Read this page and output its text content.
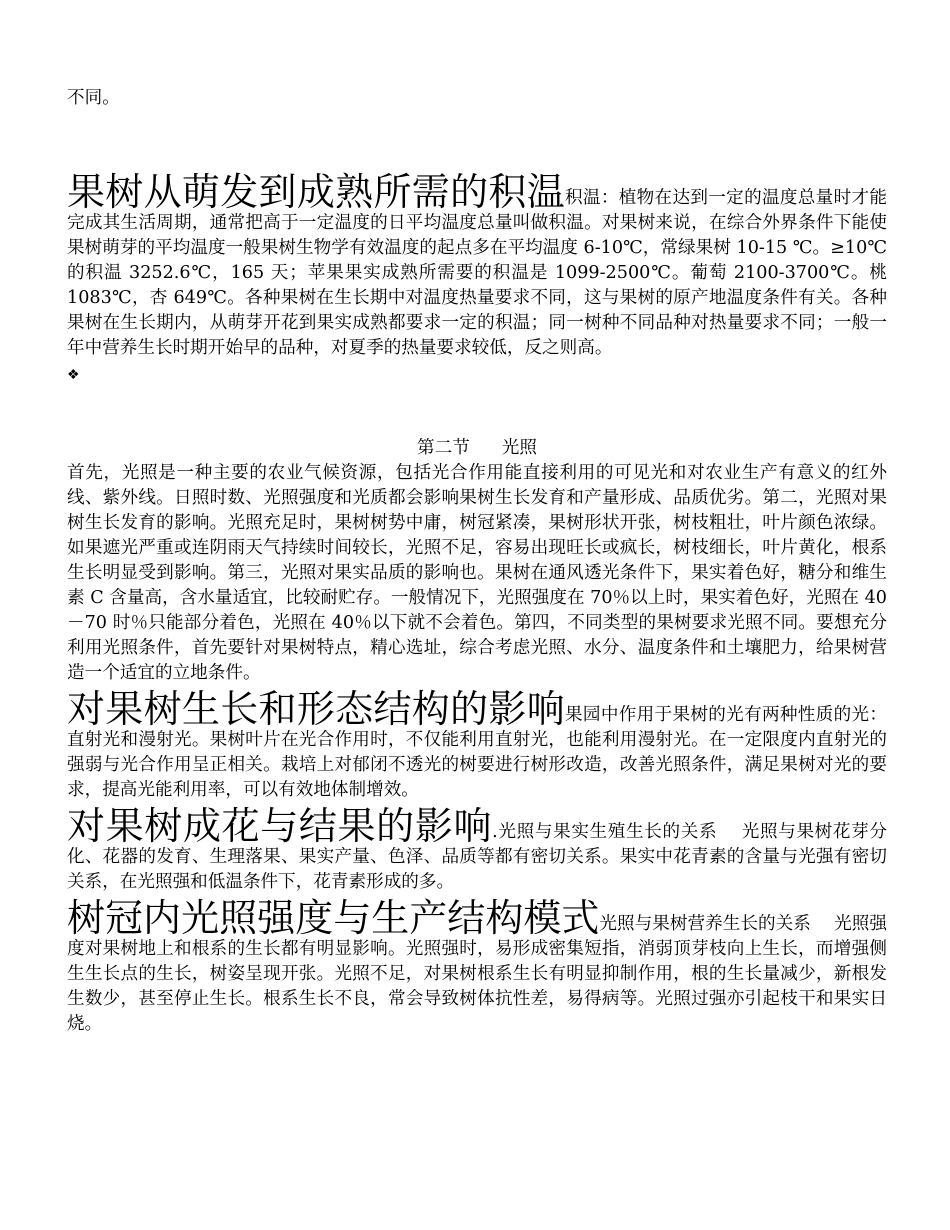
不同。

果树从萌发到成熟所需的积温积温：植物在达到一定的温度总量时才能完成其生活周期，通常把高于一定温度的日平均温度总量叫做积温。对果树来说，在综合外界条件下能使果树萌芽的平均温度一般果树生物学有效温度的起点多在平均温度 6-10℃，常绿果树 10-15 ℃。≥10℃的积温 3252.6℃，165 天；苹果果实成熟所需要的积温是 1099-2500℃。葡萄 2100-3700℃。桃 1083℃，杏 649℃。各种果树在生长期中对温度热量要求不同，这与果树的原产地温度条件有关。各种果树在生长期内，从萌芽开花到果实成熟都要求一定的积温；同一树种不同品种对热量要求不同；一般一年中营养生长时期开始早的品种，对夏季的热量要求较低，反之则高。

❖
第二节 光照

首先，光照是一种主要的农业气候资源，包括光合作用能直接利用的可见光和对农业生产有意义的红外线、紫外线。日照时数、光照强度和光质都会影响果树生长发育和产量形成、品质优劣。第二，光照对果树生长发育的影响。光照充足时，果树树势中庸，树冠紧凑，果树形状开张，树枝粗壮，叶片颜色浓绿。如果遮光严重或连阴雨天气持续时间较长，光照不足，容易出现旺长或疯长，树枝细长，叶片黄化，根系生长明显受到影响。第三，光照对果实品质的影响也。果树在通风透光条件下，果实着色好，糖分和维生素 C 含量高，含水量适宜，比较耐贮存。一般情况下，光照强度在 70％以上时，果实着色好，光照在 40－70 时％只能部分着色，光照在 40％以下就不会着色。第四，不同类型的果树要求光照不同。要想充分利用光照条件，首先要针对果树特点，精心选址，综合考虑光照、水分、温度条件和土壤肥力，给果树营造一个适宜的立地条件。

对果树生长和形态结构的影响果园中作用于果树的光有两种性质的光：直射光和漫射光。果树叶片在光合作用时，不仅能利用直射光，也能利用漫射光。在一定限度内直射光的强弱与光合作用呈正相关。栽培上对郁闭不透光的树要进行树形改造，改善光照条件，满足果树对光的要求，提高光能利用率，可以有效地体制增效。

对果树成花与结果的影响.光照与果实生殖生长的关系　 光照与果树花芽分化、花器的发育、生理落果、果实产量、色泽、品质等都有密切关系。果实中花青素的含量与光强有密切关系，在光照强和低温条件下，花青素形成的多。

树冠内光照强度与生产结构模式光照与果树营养生长的关系　 光照强度对果树地上和根系的生长都有明显影响。光照强时，易形成密集短指，消弱顶芽枝向上生长，而增强侧生生长点的生长，树姿呈现开张。光照不足，对果树根系生长有明显抑制作用，根的生长量减少，新根发生数少，甚至停止生长。根系生长不良，常会导致树体抗性差，易得病等。光照过强亦引起枝干和果实日烧。
